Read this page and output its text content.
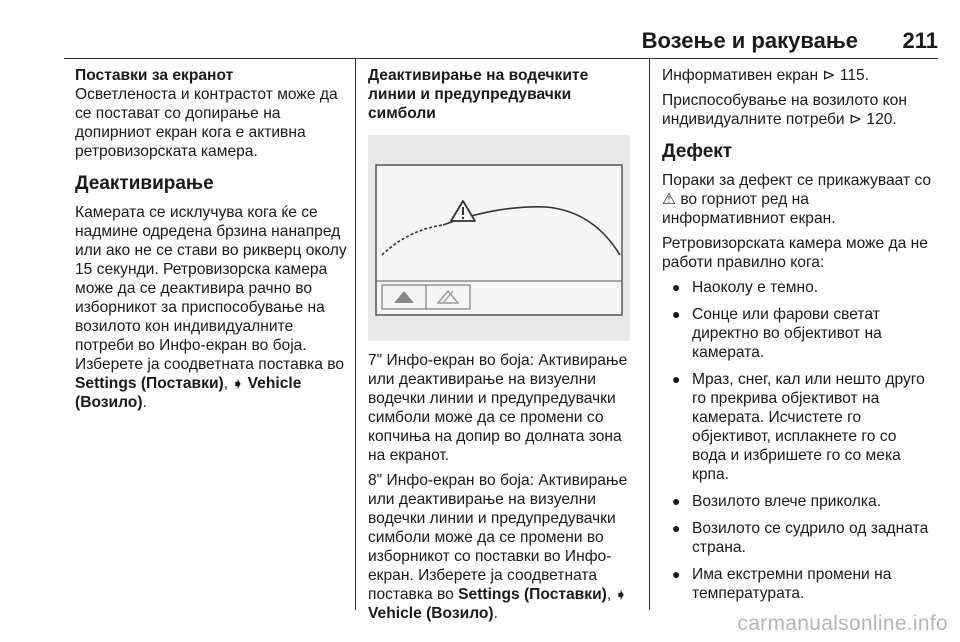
Возење и ракување 211
Поставки за екранот

Осветленоста и контрастот може да се постават со допирање на допирниот екран кога е активна ретровизорската камера.

Деактивирање

Камерата се исклучува кога ќе се надмине одредена брзина нанапред или ако не се стави во рикверц околу 15 секунди. Ретровизорска камера може да се деактивира рачно во изборникот за приспособување на возилото кон индивидуалните потреби во Инфо-екран во боја. Изберете ја соодветната поставка во Settings (Поставки), ➧ Vehicle (Возило).

Деактивирање на водечките линии и предупредувачки симболи

7" Инфо-екран во боја: Активирање или деактивирање на визуелни водечки линии и предупредувачки симболи може да се промени со копчиња на допир во долната зона на екранот.

8" Инфо-екран во боја: Активирање или деактивирање на визуелни водечки линии и предупредувачки симболи може да се промени во изборникот со поставки во Инфо-екран. Изберете ја соодветната поставка во Settings (Поставки), ➧ Vehicle (Возило).

Информативен екран ⊳ 115.

Приспособување на возилото кон индивидуалните потреби ⊳ 120.

Дефект

Пораки за дефект се прикажуваат со ⚠ во горниот ред на информативниот екран.

Ретровизорската камера може да не работи правилно кога:

● Наоколу е темно.
● Сонце или фарови светат директно во објективот на камерата.
● Мраз, снег, кал или нешто друго го прекрива објективот на камерата. Исчистете го објективот, исплакнете го со вода и избришете го со мека крпа.
● Возилото влече приколка.
● Возилото се судрило од задната страна.
● Има екстремни промени на температурата.
carmanualsonline.info
